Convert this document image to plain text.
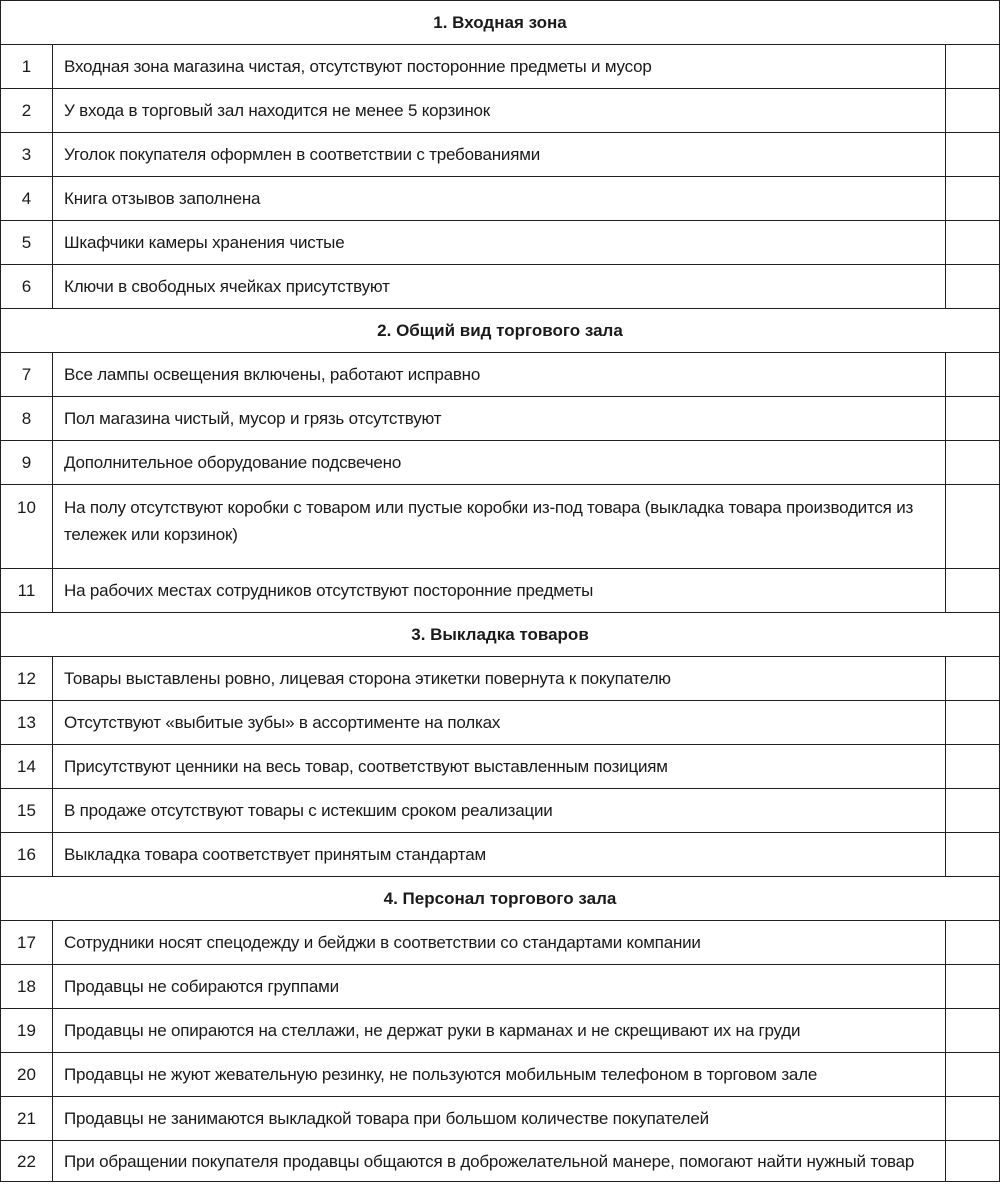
1. Входная зона		
1	Входная зона магазина чистая, отсутствуют посторонние предметы и мусор	
2	У входа в торговый зал находится не менее 5 корзинок	
3	Уголок покупателя оформлен в соответствии с требованиями	
4	Книга отзывов заполнена	
5	Шкафчики камеры хранения чистые	
6	Ключи в свободных ячейках присутствуют	
2. Общий вид торгового зала		
7	Все лампы освещения включены, работают исправно	
8	Пол магазина чистый, мусор и грязь отсутствуют	
9	Дополнительное оборудование подсвечено	
10	На полу отсутствуют коробки с товаром или пустые коробки из-под товара (выкладка товара производится из тележек или корзинок)	
11	На рабочих местах сотрудников отсутствуют посторонние предметы	
3. Выкладка товаров		
12	Товары выставлены ровно, лицевая сторона этикетки повернута к покупателю	
13	Отсутствуют «выбитые зубы» в ассортименте на полках	
14	Присутствуют ценники на весь товар, соответствуют выставленным позициям	
15	В продаже отсутствуют товары с истекшим сроком реализации	
16	Выкладка товара соответствует принятым стандартам	
4. Персонал торгового зала		
17	Сотрудники носят спецодежду и бейджи в соответствии со стандартами компании	
18	Продавцы не собираются группами	
19	Продавцы не опираются на стеллажи, не держат руки в карманах и не скрещивают их на груди	
20	Продавцы не жуют жевательную резинку, не пользуются мобильным телефоном в торговом зале	
21	Продавцы не занимаются выкладкой товара при большом количестве покупателей	
22	При обращении покупателя продавцы общаются в доброжелательной манере, помогают найти нужный товар	
